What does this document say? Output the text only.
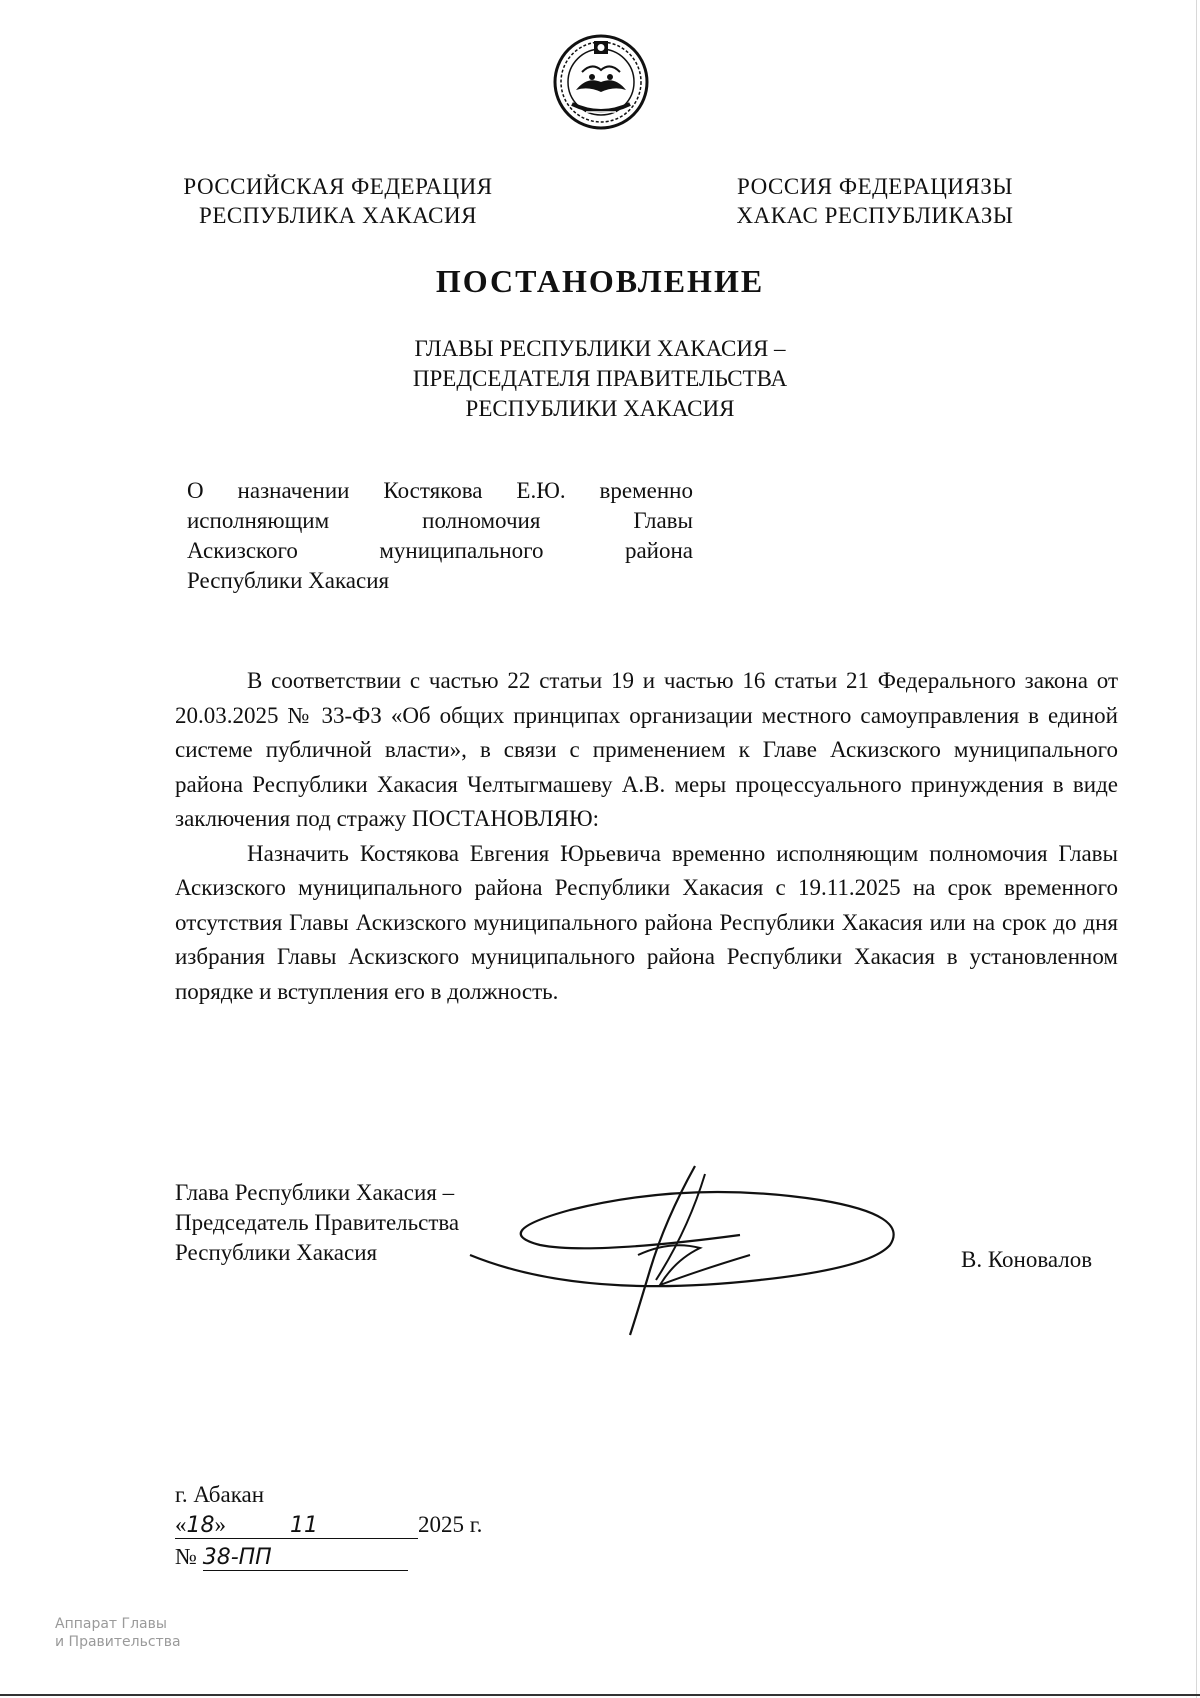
РОССИЙСКАЯ ФЕДЕРАЦИЯ
РЕСПУБЛИКА ХАКАСИЯ
РОССИЯ ФЕДЕРАЦИЯЗЫ
ХАКАС РЕСПУБЛИКАЗЫ
ПОСТАНОВЛЕНИЕ
ГЛАВЫ РЕСПУБЛИКИ ХАКАСИЯ –
ПРЕДСЕДАТЕЛЯ ПРАВИТЕЛЬСТВА
РЕСПУБЛИКИ ХАКАСИЯ
О назначении Костякова Е.Ю. временно
исполняющим полномочия Главы
Аскизского муниципального района
Республики Хакасия

В соответствии с частью 22 статьи 19 и частью 16 статьи 21 Федерального закона от 20.03.2025 № 33-ФЗ «Об общих принципах организации местного самоуправления в единой системе публичной власти», в связи с применением к Главе Аскизского муниципального района Республики Хакасия Челтыгмашеву А.В. меры процессуального принуждения в виде заключения под стражу ПОСТАНОВЛЯЮ:

Назначить Костякова Евгения Юрьевича временно исполняющим полномочия Главы Аскизского муниципального района Республики Хакасия с 19.11.2025 на срок временного отсутствия Главы Аскизского муниципального района Республики Хакасия или на срок до дня избрания Главы Аскизского муниципального района Республики Хакасия в установленном порядке и вступления его в должность.

Глава Республики Хакасия –
Председатель Правительства
Республики Хакасия	В. Коновалов
г. Абакан
«18»	11	2025 г.
№ 38-ПП
Аппарат Главы
и Правительства
